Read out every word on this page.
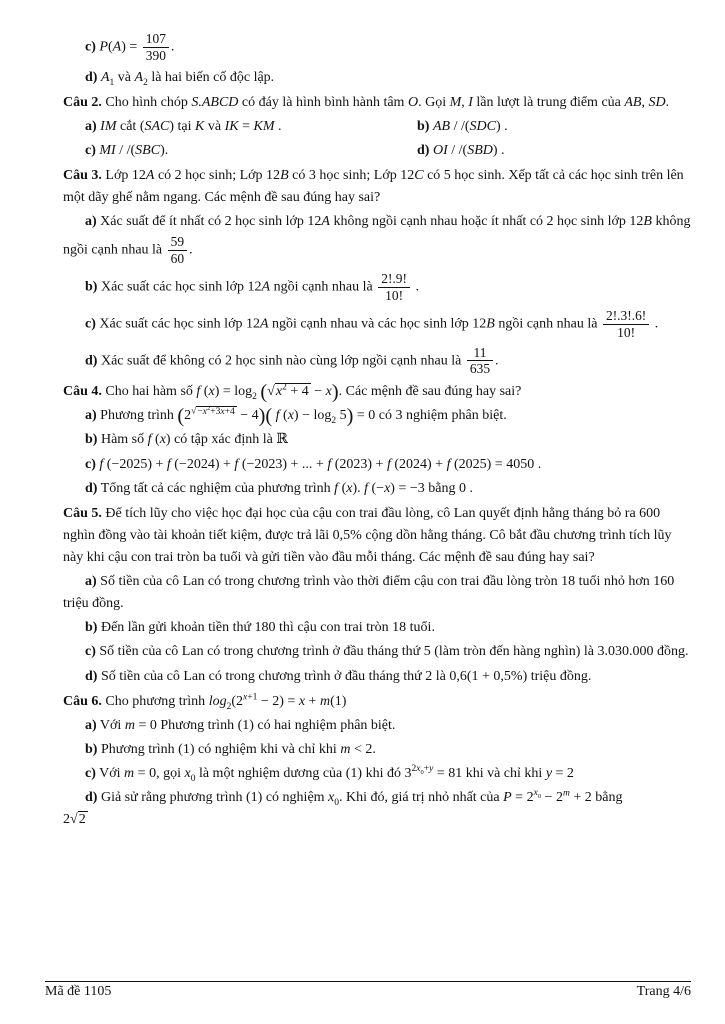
c) $P(A) = \frac{107}{390}$ .

d) $A_1$ và $A_2$ là hai biến cố độc lập.

Câu 2. Cho hình chóp S.ABCD có đáy là hình bình hành tâm O. Gọi M, I lần lượt là trung điểm của AB, SD.

a) IM cắt (SAC) tại K và IK = KM .	b) AB / /(SDC) .
c) MI / /(SBC).	d) OI / /(SBD) .

Câu 3. Lớp 12A có 2 học sinh; Lớp 12B có 3 học sinh; Lớp 12C có 5 học sinh. Xếp tất cả các học sinh trên lên một dãy ghế nằm ngang. Các mệnh đề sau đúng hay sai?

a) Xác suất để ít nhất có 2 học sinh lớp 12A không ngồi cạnh nhau hoặc ít nhất có 2 học sinh lớp 12B không ngồi cạnh nhau là $\frac{59}{60}$ .

b) Xác suất các học sinh lớp 12A ngồi cạnh nhau là $\frac{2!.9!}{10!}$ .

c) Xác suất các học sinh lớp 12A ngồi cạnh nhau và các học sinh lớp 12B ngồi cạnh nhau là $\frac{2!.3!.6!}{10!}$ .

d) Xác suất để không có 2 học sinh nào cùng lớp ngồi cạnh nhau là $\frac{11}{635}$ .

Câu 4. Cho hai hàm số f $(x) = \log_2 (√x^2 + 4 - x)$. Các mệnh đề sau đúng hay sai?

a) Phương trình $(2^{√-x^2+3x+4} - 4)$( f $(x) - \log_2 5) = 0$ có 3 nghiệm phân biệt.

b) Hàm số f (x) có tập xác định là ℝ

c) f (−2025) + f (−2024) + f (−2023) + ... + f (2023) + f (2024) + f (2025) = 4050 .

d) Tổng tất cả các nghiệm của phương trình f (x). f (−x) = −3 bằng 0 .

Câu 5. Để tích lũy cho việc học đại học của cậu con trai đầu lòng, cô Lan quyết định hằng tháng bỏ ra 600 nghìn đồng vào tài khoản tiết kiệm, được trả lãi 0,5% cộng dồn hằng tháng. Cô bắt đầu chương trình tích lũy này khi cậu con trai tròn ba tuổi và gửi tiền vào đầu mỗi tháng. Các mệnh đề sau đúng hay sai?

a) Số tiền của cô Lan có trong chương trình vào thời điểm cậu con trai đầu lòng tròn 18 tuổi nhỏ hơn 160 triệu đồng.

b) Đến lần gửi khoản tiền thứ 180 thì cậu con trai tròn 18 tuổi.

c) Số tiền của cô Lan có trong chương trình ở đầu tháng thứ 5 (làm tròn đến hàng nghìn) là 3.030.000 đồng.

d) Số tiền của cô Lan có trong chương trình ở đầu tháng thứ 2 là 0,6(1 + 0,5%) triệu đồng.

Câu 6. Cho phương trình $\log_2(2^{x+1} - 2) = x + m(1)$

a) Với m = 0 Phương trình (1) có hai nghiệm phân biệt.

b) Phương trình (1) có nghiệm khi và chỉ khi m < 2.

c) Với m = 0, gọi $x_0$ là một nghiệm dương của (1) khi đó $3^{2x_0+y} = 81$ khi và chỉ khi y = 2

d) Giả sử rằng phương trình (1) có nghiệm $x_0$. Khi đó, giá trị nhỏ nhất của $P = 2^{x_0} - 2^m + 2$ bằng
2√2

Mã đề 1105	Trang 4/6
